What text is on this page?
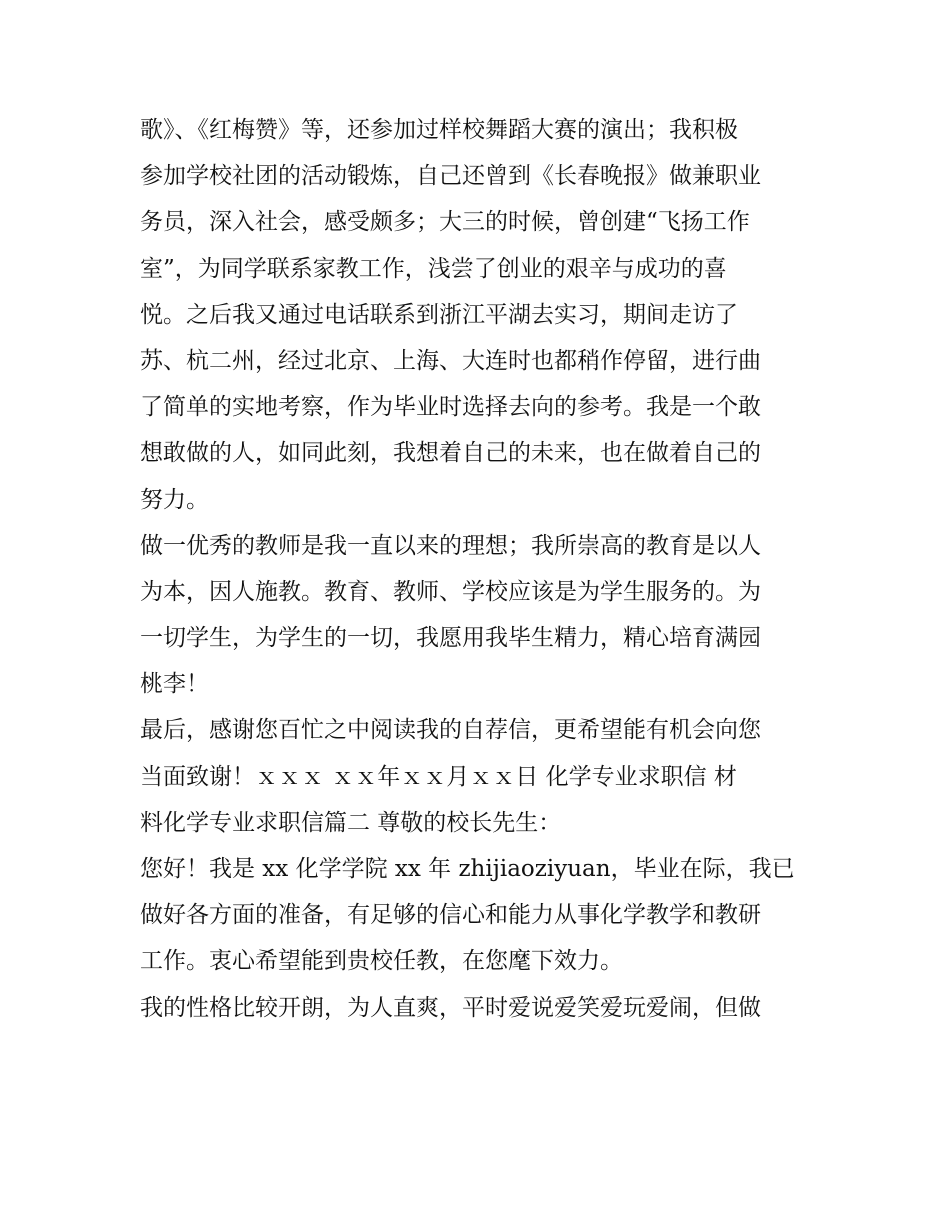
歌》、《红梅赞》等，还参加过样校舞蹈大赛的演出；我积极
参加学校社团的活动锻炼，自己还曾到《长春晚报》做兼职业
务员，深入社会，感受颇多；大三的时候，曾创建“飞扬工作
室”，为同学联系家教工作，浅尝了创业的艰辛与成功的喜
悦。之后我又通过电话联系到浙江平湖去实习，期间走访了
苏、杭二州，经过北京、上海、大连时也都稍作停留，进行曲
了简单的实地考察，作为毕业时选择去向的参考。我是一个敢
想敢做的人，如同此刻，我想着自己的未来，也在做着自己的
努力。
做一优秀的教师是我一直以来的理想；我所崇高的教育是以人
为本，因人施教。教育、教师、学校应该是为学生服务的。为
一切学生，为学生的一切，我愿用我毕生精力，精心培育满园
桃李！
最后，感谢您百忙之中阅读我的自荐信，更希望能有机会向您
当面致谢！ｘｘｘ ｘｘ年ｘｘ月ｘｘ日 化学专业求职信 材
料化学专业求职信篇二 尊敬的校长先生：
您好！我是 xx 化学学院 xx 年 zhijiaoziyuan，毕业在际，我已
做好各方面的准备，有足够的信心和能力从事化学教学和教研
工作。衷心希望能到贵校任教，在您麾下效力。
我的性格比较开朗，为人直爽，平时爱说爱笑爱玩爱闹，但做
